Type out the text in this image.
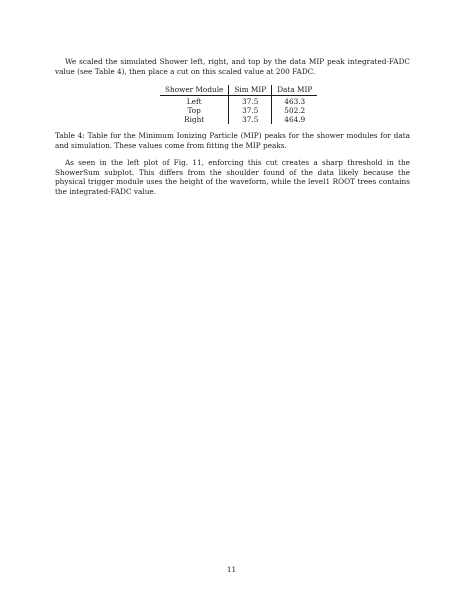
We scaled the simulated Shower left, right, and top by the data MIP peak integrated-FADC value (see Table 4), then place a cut on this scaled value at 200 FADC.

Shower Module	Sim MIP	Data MIP
Left	37.5	463.3
Top	37.5	502.2
Right	37.5	464.9

Table 4: Table for the Minimum Ionizing Particle (MIP) peaks for the shower modules for data and simulation. These values come from fitting the MIP peaks.

As seen in the left plot of Fig. 11, enforcing this cut creates a sharp threshold in the ShowerSum subplot. This differs from the shoulder found of the data likely because the physical trigger module uses the height of the waveform, while the level1 ROOT trees contains the integrated-FADC value.

11
